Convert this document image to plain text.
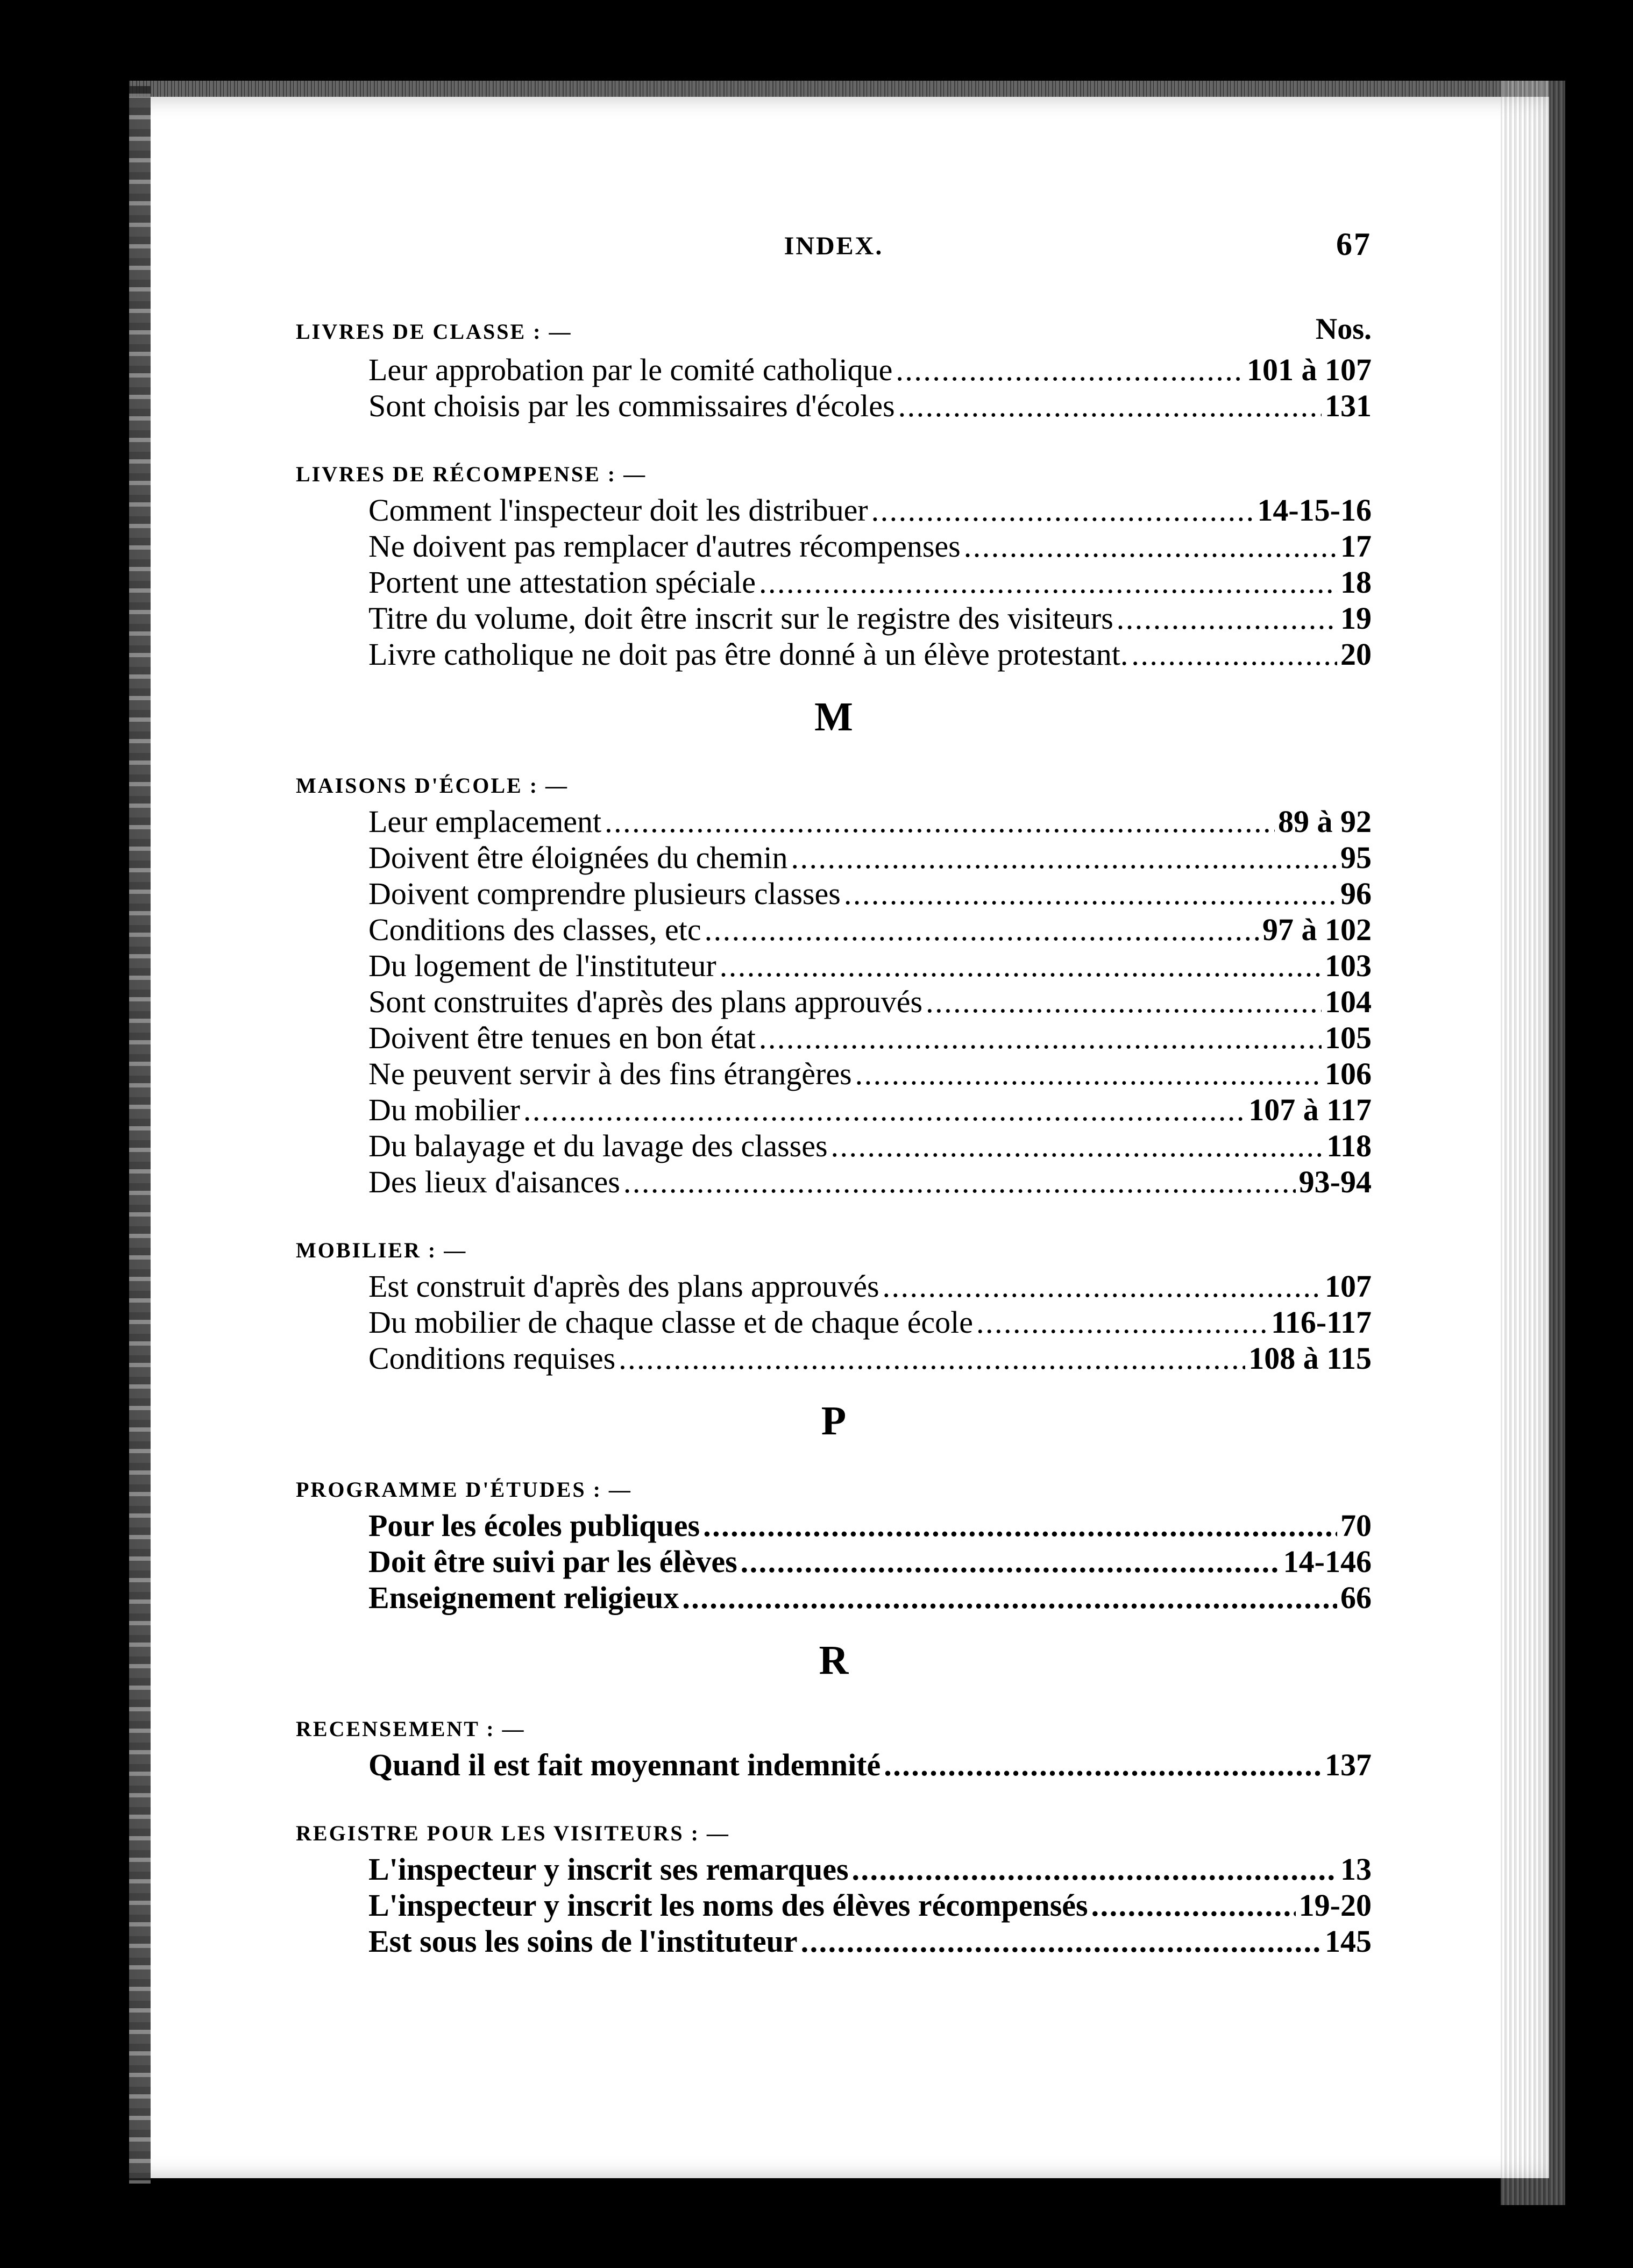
INDEX.	67
LIVRES DE CLASSE : —	Nos.
Leur approbation par le comité catholique . . .	101 à 107
Sont choisis par les commissaires d'écoles . . .	131
LIVRES DE RÉCOMPENSE : —
Comment l'inspecteur doit les distribuer . . .	14-15-16
Ne doivent pas remplacer d'autres récompenses . . .	17
Portent une attestation spéciale . . .	18
Titre du volume, doit être inscrit sur le registre des visiteurs . . .	19
Livre catholique ne doit pas être donné à un élève protestant. . . .	20
M
MAISONS D'ÉCOLE : —
Leur emplacement . . .	89 à 92
Doivent être éloignées du chemin . . .	95
Doivent comprendre plusieurs classes . . .	96
Conditions des classes, etc . . .	97 à 102
Du logement de l'instituteur . . .	103
Sont construites d'après des plans approuvés . . .	104
Doivent être tenues en bon état . . .	105
Ne peuvent servir à des fins étrangères . . .	106
Du mobilier . . .	107 à 117
Du balayage et du lavage des classes . . .	118
Des lieux d'aisances . . .	93-94
MOBILIER : —
Est construit d'après des plans approuvés . . .	107
Du mobilier de chaque classe et de chaque école . . .	116-117
Conditions requises . . .	108 à 115
P
PROGRAMME D'ÉTUDES : —
Pour les écoles publiques . . .	70
Doit être suivi par les élèves . . .	14-146
Enseignement religieux . . .	66
R
RECENSEMENT : —
Quand il est fait moyennant indemnité . . .	137
REGISTRE POUR LES VISITEURS : —
L'inspecteur y inscrit ses remarques . . .	13
L'inspecteur y inscrit les noms des élèves récompensés . . .	19-20
Est sous les soins de l'instituteur . . .	145
